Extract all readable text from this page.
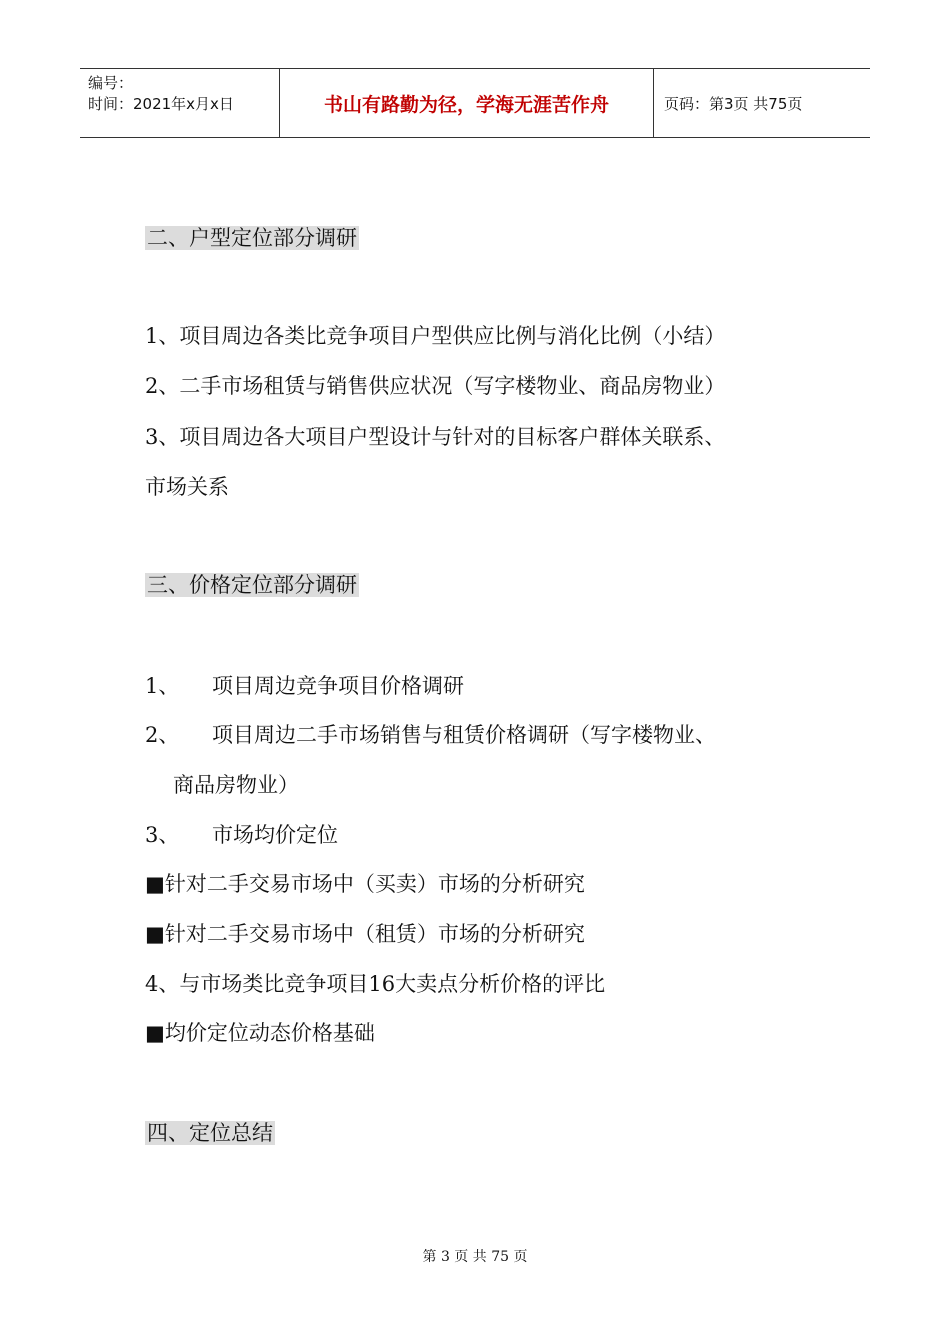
编号：
时间：2021年x月x日	书山有路勤为径，学海无涯苦作舟	页码：第3页 共75页
二、户型定位部分调研
1、项目周边各类比竞争项目户型供应比例与消化比例（小结）
2、二手市场租赁与销售供应状况（写字楼物业、商品房物业）
3、项目周边各大项目户型设计与针对的目标客户群体关联系、
市场关系
三、价格定位部分调研
1、 项目周边竞争项目价格调研
2、 项目周边二手市场销售与租赁价格调研（写字楼物业、
商品房物业）
3、 市场均价定位
■针对二手交易市场中（买卖）市场的分析研究
■针对二手交易市场中（租赁）市场的分析研究
4、与市场类比竞争项目16大卖点分析价格的评比
■均价定位动态价格基础
四、定位总结
第 3 页 共 75 页
